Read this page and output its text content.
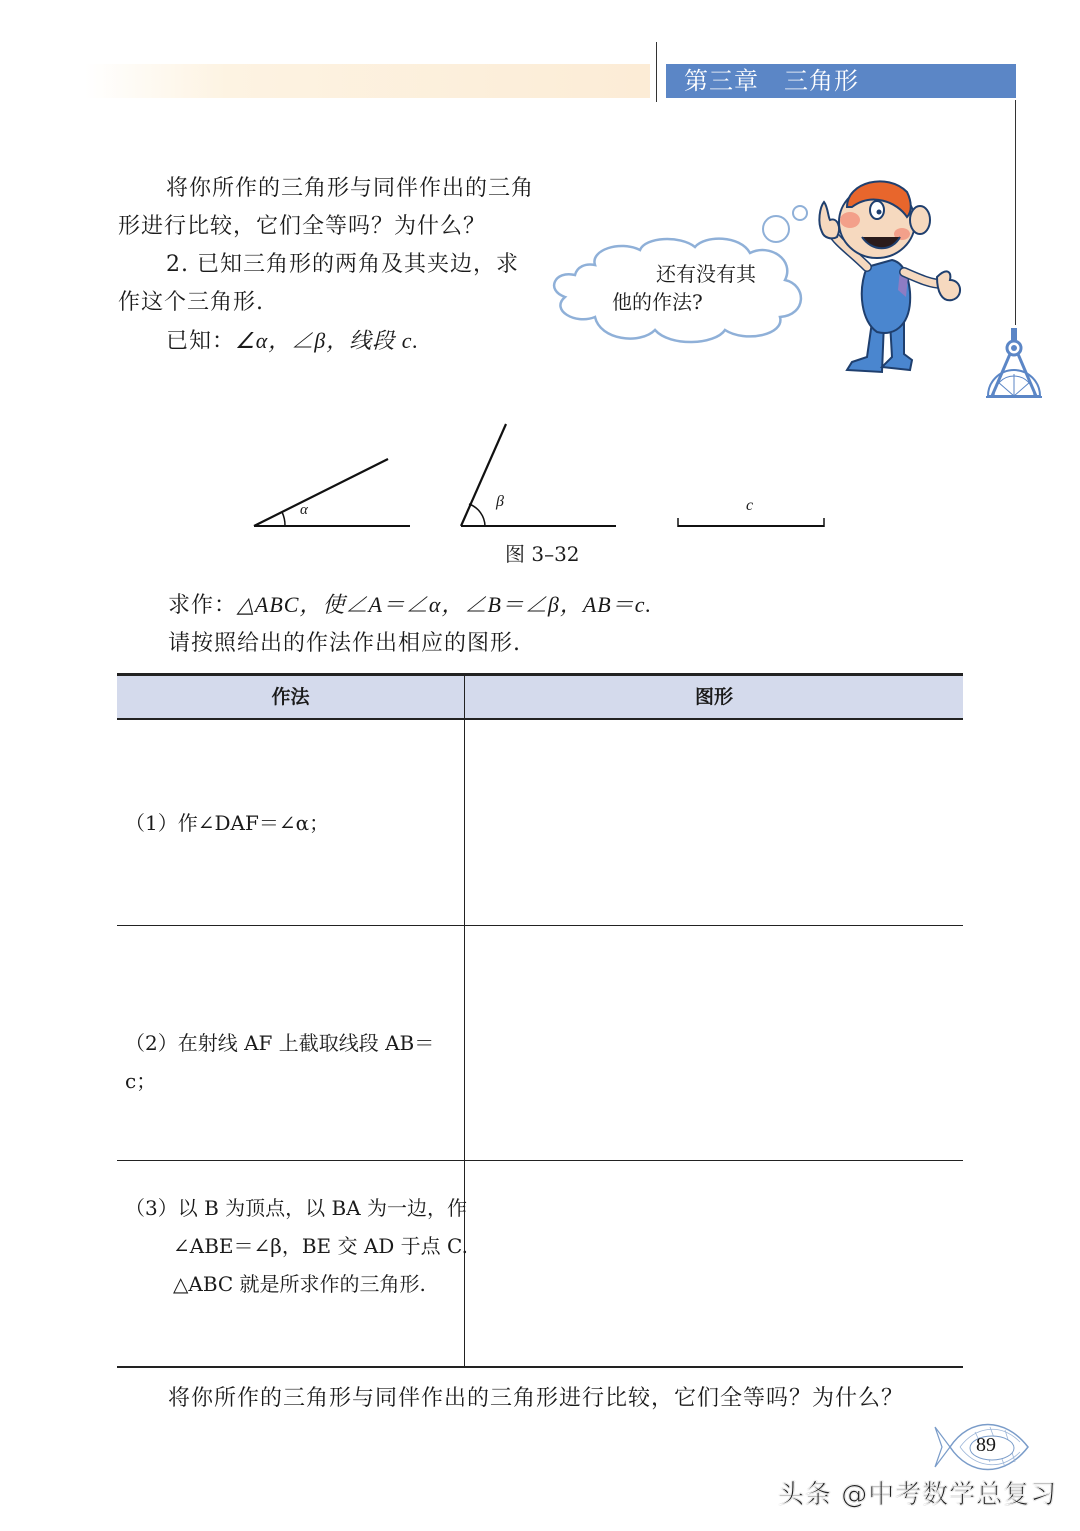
第三章　三角形
将你所作的三角形与同伴作出的三角形进行比较，它们全等吗？为什么？
2. 已知三角形的两角及其夹边，求作这个三角形.
已知：∠α，∠β，线段 c.
还有没有其
他的作法?
α	β	c
图 3–32
求作：△ABC，使∠A＝∠α，∠B＝∠β，AB＝c.
请按照给出的作法作出相应的图形.
作法	图形
（1）作∠DAF＝∠α；
（2）在射线 AF 上截取线段 AB＝c；
（3）以 B 为顶点，以 BA 为一边，作∠ABE＝∠β，BE 交 AD 于点 C. △ABC 就是所求作的三角形.
将你所作的三角形与同伴作出的三角形进行比较，它们全等吗？为什么？
89
头条 @中考数学总复习
